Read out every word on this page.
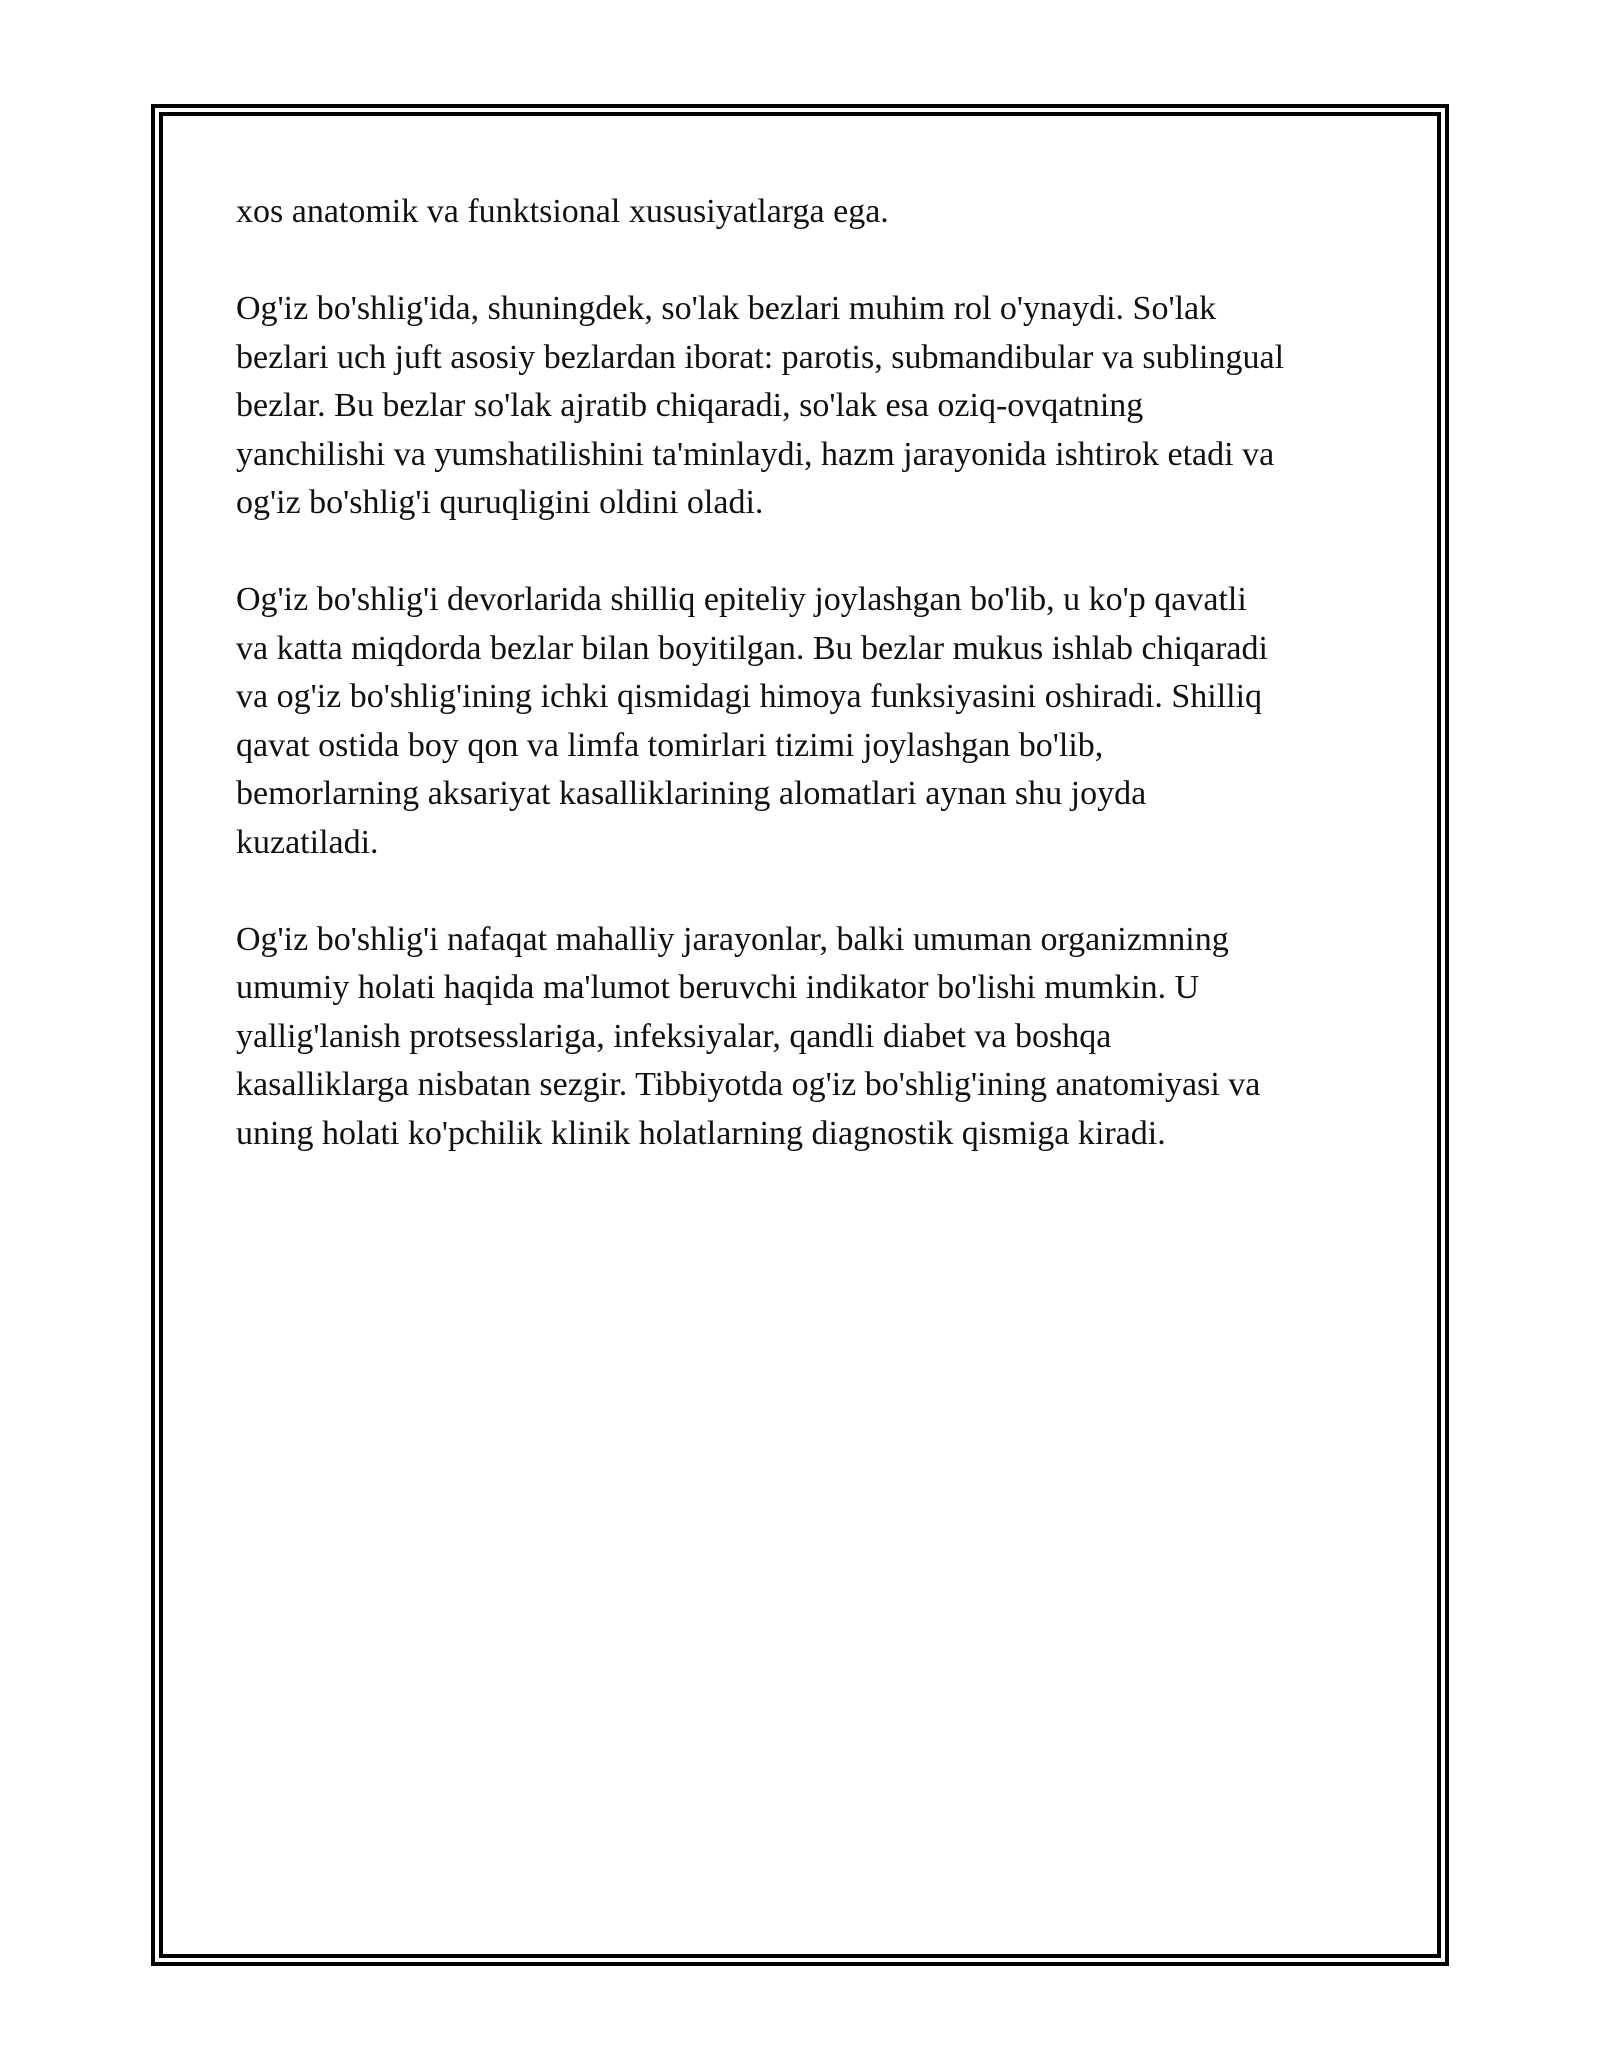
xos anatomik va funktsional xususiyatlarga ega.

Og'iz bo'shlig'ida, shuningdek, so'lak bezlari muhim rol o'ynaydi. So'lak
bezlari uch juft asosiy bezlardan iborat: parotis, submandibular va sublingual
bezlar. Bu bezlar so'lak ajratib chiqaradi, so'lak esa oziq-ovqatning
yanchilishi va yumshatilishini ta'minlaydi, hazm jarayonida ishtirok etadi va
og'iz bo'shlig'i quruqligini oldini oladi.

Og'iz bo'shlig'i devorlarida shilliq epiteliy joylashgan bo'lib, u ko'p qavatli
va katta miqdorda bezlar bilan boyitilgan. Bu bezlar mukus ishlab chiqaradi
va og'iz bo'shlig'ining ichki qismidagi himoya funksiyasini oshiradi. Shilliq
qavat ostida boy qon va limfa tomirlari tizimi joylashgan bo'lib,
bemorlarning aksariyat kasalliklarining alomatlari aynan shu joyda
kuzatiladi.

Og'iz bo'shlig'i nafaqat mahalliy jarayonlar, balki umuman organizmning
umumiy holati haqida ma'lumot beruvchi indikator bo'lishi mumkin. U
yallig'lanish protsesslariga, infeksiyalar, qandli diabet va boshqa
kasalliklarga nisbatan sezgir. Tibbiyotda og'iz bo'shlig'ining anatomiyasi va
uning holati ko'pchilik klinik holatlarning diagnostik qismiga kiradi.
